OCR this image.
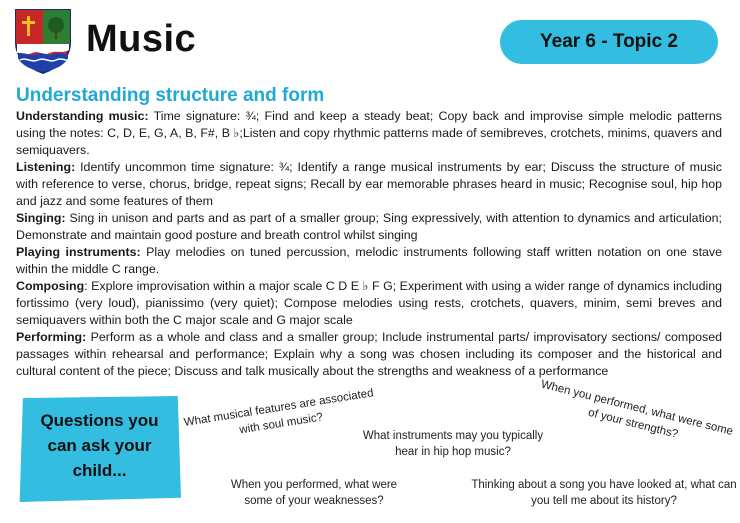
Music	Year 6 - Topic 2
Understanding structure and form

Understanding music: Time signature: ¾; Find and keep a steady beat; Copy back and improvise simple melodic patterns using the notes: C, D, E, G, A, B, F#, B ♭;Listen and copy rhythmic patterns made of semibreves, crotchets, minims, quavers and semiquavers.

Listening: Identify uncommon time signature: ¾; Identify a range musical instruments by ear; Discuss the structure of music with reference to verse, chorus, bridge, repeat signs; Recall by ear memorable phrases heard in music; Recognise soul, hip hop and jazz and some features of them

Singing: Sing in unison and parts and as part of a smaller group; Sing expressively, with attention to dynamics and articulation; Demonstrate and maintain good posture and breath control whilst singing

Playing instruments: Play melodies on tuned percussion, melodic instruments following staff written notation on one stave within the middle C range.

Composing: Explore improvisation within a major scale C D E ♭ F G; Experiment with using a wider range of dynamics including fortissimo (very loud), pianissimo (very quiet); Compose melodies using rests, crotchets, quavers, minim, semi breves and semiquavers within both the C major scale and G major scale

Performing: Perform as a whole and class and a smaller group; Include instrumental parts/ improvisatory sections/ composed passages within rehearsal and performance; Explain why a song was chosen including its composer and the historical and cultural content of the piece; Discuss and talk musically about the strengths and weakness of a performance

Questions you
can ask your
child...
What musical features are associated with soul music?	What instruments may you typically hear in hip hop music?
When you performed, what were some of your strengths?
When you performed, what were some of your weaknesses?
Thinking about a song you have looked at, what can you tell me about its history?
